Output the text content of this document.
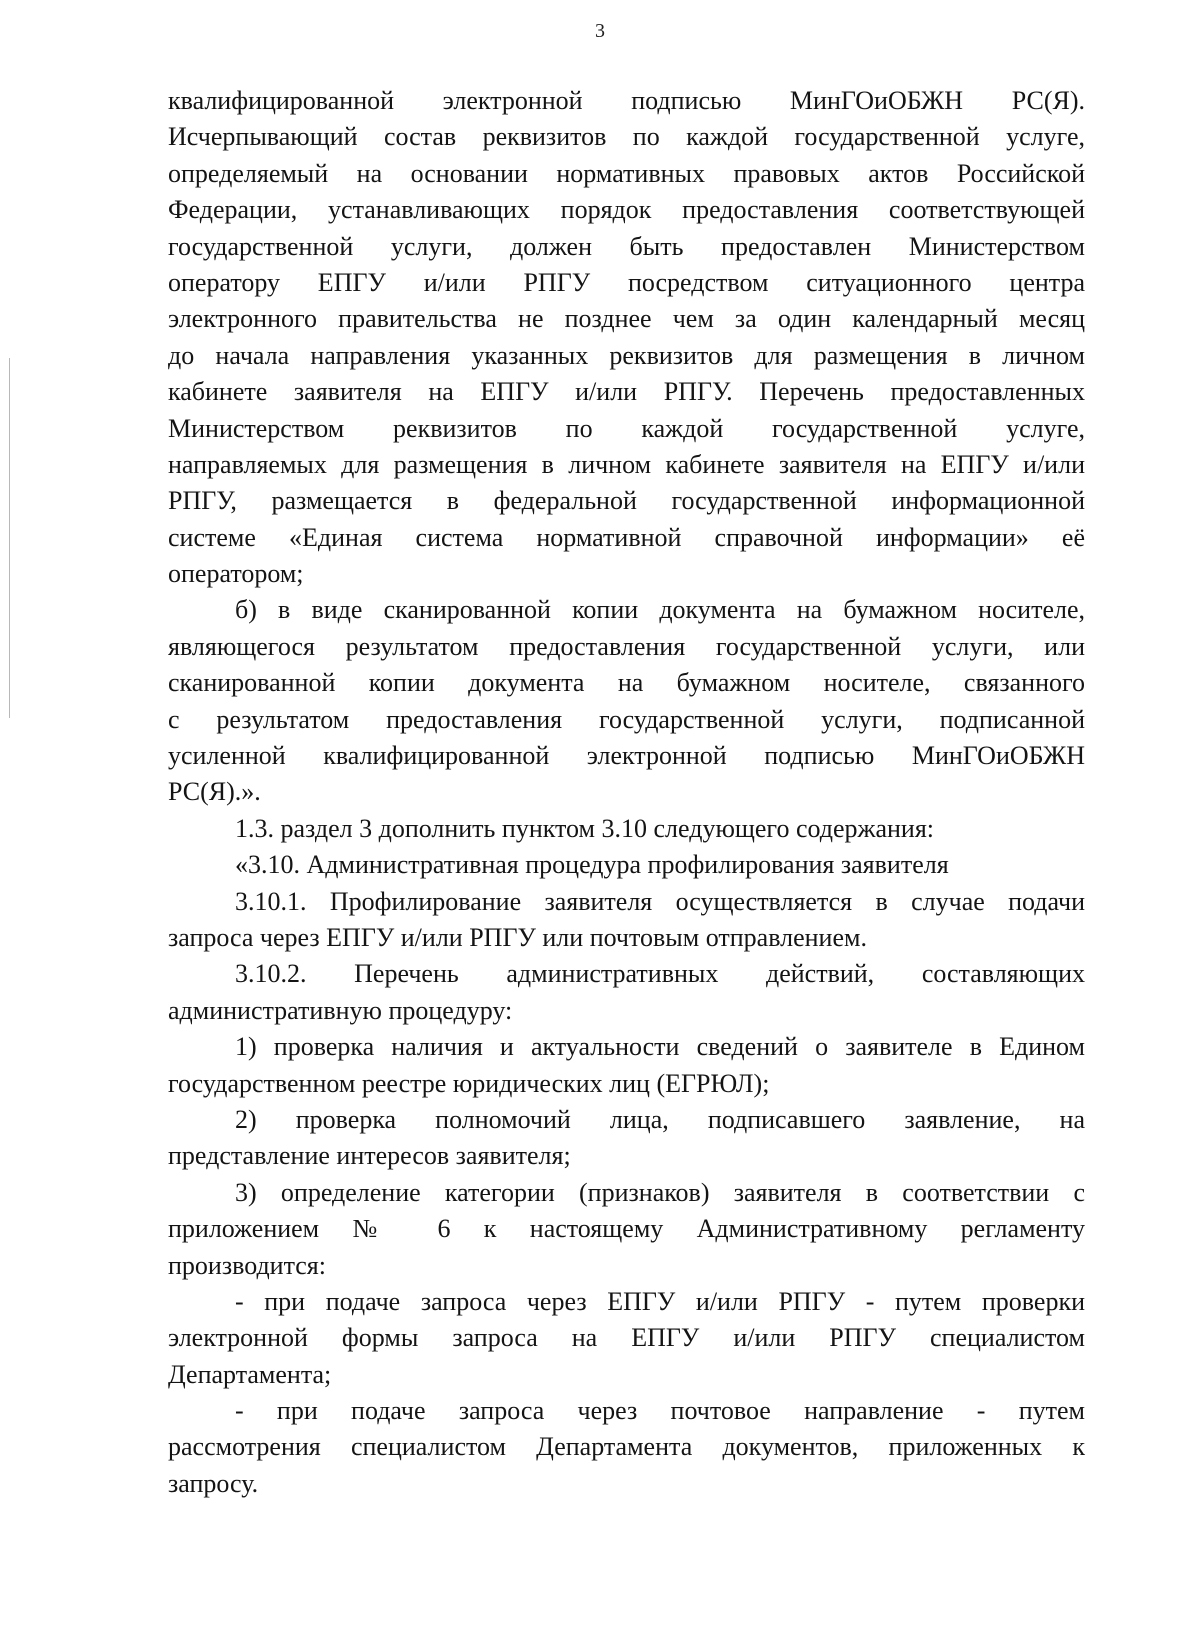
3
квалифицированной электронной подписью МинГОиОБЖН РС(Я).
Исчерпывающий состав реквизитов по каждой государственной услуге,
определяемый на основании нормативных правовых актов Российской
Федерации, устанавливающих порядок предоставления соответствующей
государственной услуги, должен быть предоставлен Министерством
оператору ЕПГУ и/или РПГУ посредством ситуационного центра
электронного правительства не позднее чем за один календарный месяц
до начала направления указанных реквизитов для размещения в личном
кабинете заявителя на ЕПГУ и/или РПГУ. Перечень предоставленных
Министерством реквизитов по каждой государственной услуге,
направляемых для размещения в личном кабинете заявителя на ЕПГУ и/или
РПГУ, размещается в федеральной государственной информационной
системе «Единая система нормативной справочной информации» её
оператором;
б) в виде сканированной копии документа на бумажном носителе,
являющегося результатом предоставления государственной услуги, или
сканированной копии документа на бумажном носителе, связанного
с результатом предоставления государственной услуги, подписанной
усиленной квалифицированной электронной подписью МинГОиОБЖН
РС(Я).».
1.3. раздел 3 дополнить пунктом 3.10 следующего содержания:
«3.10. Административная процедура профилирования заявителя
3.10.1. Профилирование заявителя осуществляется в случае подачи
запроса через ЕПГУ и/или РПГУ или почтовым отправлением.
3.10.2. Перечень административных действий, составляющих
административную процедуру:
1) проверка наличия и актуальности сведений о заявителе в Едином
государственном реестре юридических лиц (ЕГРЮЛ);
2) проверка полномочий лица, подписавшего заявление, на
представление интересов заявителя;
3) определение категории (признаков) заявителя в соответствии с
приложением № 6 к настоящему Административному регламенту
производится:
- при подаче запроса через ЕПГУ и/или РПГУ - путем проверки
электронной формы запроса на ЕПГУ и/или РПГУ специалистом
Департамента;
- при подаче запроса через почтовое направление - путем
рассмотрения специалистом Департамента документов, приложенных к
запросу.
